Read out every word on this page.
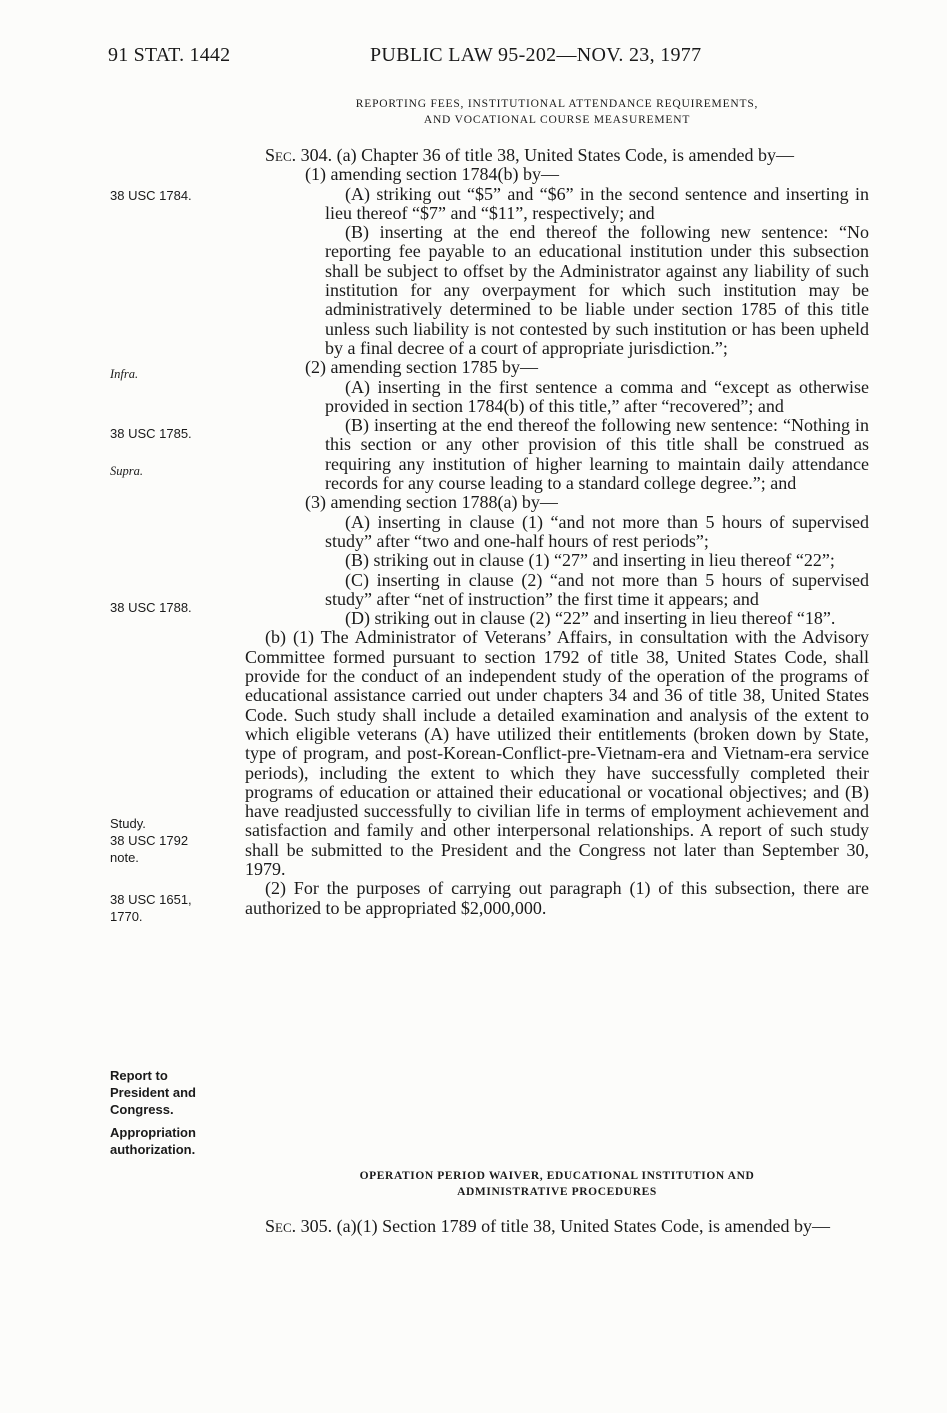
91 STAT. 1442	PUBLIC LAW 95-202—NOV. 23, 1977
REPORTING FEES, INSTITUTIONAL ATTENDANCE REQUIREMENTS,
AND VOCATIONAL COURSE MEASUREMENT

Sec. 304. (a) Chapter 36 of title 38, United States Code, is amended by—

(1) amending section 1784(b) by—

(A) striking out “$5” and “$6” in the second sentence and inserting in lieu thereof “$7” and “$11”, respectively; and

(B) inserting at the end thereof the following new sentence: “No reporting fee payable to an educational institution under this subsection shall be subject to offset by the Administrator against any liability of such institution for any overpayment for which such institution may be administratively determined to be liable under section 1785 of this title unless such liability is not contested by such institution or has been upheld by a final decree of a court of appropriate jurisdiction.”;

(2) amending section 1785 by—

(A) inserting in the first sentence a comma and “except as otherwise provided in section 1784(b) of this title,” after “recovered”; and

(B) inserting at the end thereof the following new sentence: “Nothing in this section or any other provision of this title shall be construed as requiring any institution of higher learning to maintain daily attendance records for any course leading to a standard college degree.”; and

(3) amending section 1788(a) by—

(A) inserting in clause (1) “and not more than 5 hours of supervised study” after “two and one-half hours of rest periods”;

(B) striking out in clause (1) “27” and inserting in lieu thereof “22”;

(C) inserting in clause (2) “and not more than 5 hours of supervised study” after “net of instruction” the first time it appears; and

(D) striking out in clause (2) “22” and inserting in lieu thereof “18”.

(b) (1) The Administrator of Veterans’ Affairs, in consultation with the Advisory Committee formed pursuant to section 1792 of title 38, United States Code, shall provide for the conduct of an independent study of the operation of the programs of educational assistance carried out under chapters 34 and 36 of title 38, United States Code. Such study shall include a detailed examination and analysis of the extent to which eligible veterans (A) have utilized their entitlements (broken down by State, type of program, and post-Korean-Conflict-pre-Vietnam-era and Vietnam-era service periods), including the extent to which they have successfully completed their programs of education or attained their educational or vocational objectives; and (B) have readjusted successfully to civilian life in terms of employment achievement and satisfaction and family and other interpersonal relationships. A report of such study shall be submitted to the President and the Congress not later than September 30, 1979.

(2) For the purposes of carrying out paragraph (1) of this subsection, there are authorized to be appropriated $2,000,000.

OPERATION PERIOD WAIVER, EDUCATIONAL INSTITUTION AND
ADMINISTRATIVE PROCEDURES

Sec. 305. (a)(1) Section 1789 of title 38, United States Code, is amended by—

38 USC 1784.
Infra.
38 USC 1785.
Supra.
38 USC 1788.
Study.
38 USC 1792
note.
38 USC 1651,
1770.
Report to
President and
Congress.
Appropriation
authorization.
